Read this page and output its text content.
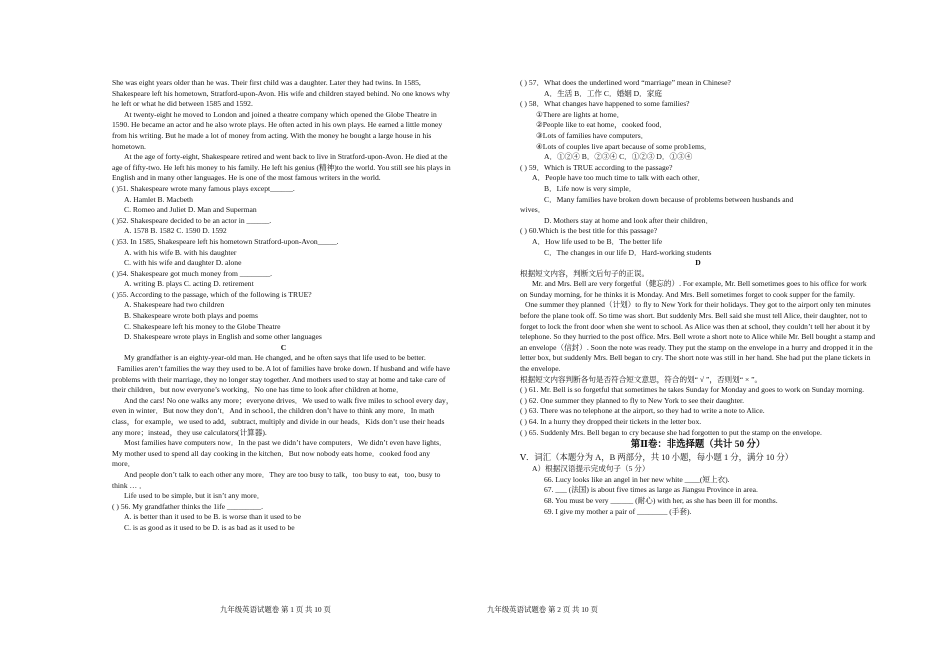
She was eight years older than he was. Their first child was a daughter. Later they had twins. In 1585, Shakespeare left his hometown, Stratford-upon-Avon. His wife and children stayed behind. No one knows why he left or what he did between 1585 and 1592.

At twenty-eight he moved to London and joined a theatre company which opened the Globe Theatre in 1590. He became an actor and he also wrote plays. He often acted in his own plays. He earned a little money from his writing. But he made a lot of money from acting. With the money he bought a large house in his hometown.

At the age of forty-eight, Shakespeare retired and went back to live in Stratford-upon-Avon. He died at the age of fifty-two. He left his money to his family. He left his genius (精神)to the world. You still see his plays in English and in many other languages. He is one of the most famous writers in the world.

( )51. Shakespeare wrote many famous plays except______.

A. Hamlet B. Macbeth

C. Romeo and Juliet D. Man and Superman

( )52. Shakespeare decided to be an actor in ______.

A. 1578 B. 1582 C. 1590 D. 1592

( )53. In 1585, Shakespeare left his hometown Stratford-upon-Avon_____.

A. with his wife B. with his daughter

C. with his wife and daughter D. alone

( )54. Shakespeare got much money from ________.

A. writing B. plays C. acting D. retirement

( )55. According to the passage, which of the following is TRUE?

A. Shakespeare had two children

B. Shakespeare wrote both plays and poems

C. Shakespeare left his money to the Globe Theatre

D. Shakespeare wrote plays in English and some other languages

C

My grandfather is an eighty-year-old man. He changed, and he often says that life used to be better.

Families aren’t families the way they used to be. A lot of families have broke down. If husband and wife have problems with their marriage, they no longer stay together. And mothers used to stay at home and take care of their children，but now everyone’s working．No one has time to look after children at home．

And the cars! No one walks any more；everyone drives．We used to walk five miles to school every day，even in winter．But now they don’t．And in schoo1, the children don’t have to think any more．In math class，for example，we used to add，subtract, multiply and divide in our heads．Kids don’t use their heads any more；instead，they use calculators(计算器).

Most families have computers now．In the past we didn’t have computers．We didn’t even have lights．My mother used to spend all day cooking in the kitchen．But now nobody eats home．cooked food any more．

And people don’t talk to each other any more．They are too busy to talk，too busy to eat，too, busy to think … ．

Life used to be simple, but it isn’t any more．

( ) 56. My grandfather thinks the 1ife _________.

A. is better than it used to be B. is worse than it used to be

C. is as good as it used to be D. is as bad as it used to be

九年级英语试题卷 第 1 页 共 10 页

( ) 57．What does the underlined word “marriage” mean in Chinese?

A．生活 B．工作 C．婚姻 D．家庭

( ) 58．What changes have happened to some families?

①There are lights at home．

②People like to eat home，cooked food．

③Lots of families have computers．

④Lots of couples live apart because of some prob1ems．

A．①②④ B．②③④ C．①②③ D．①③④

( ) 59．Which is TRUE according to the passage?

A．People have too much time to talk with each other．

B．Life now is very simple．

C．Many families have broken down because of problems between husbands and

wives．

D. Mothers stay at home and look after their children．

( ) 60.Which is the best title for this passage?

A．How life used to be B．The better life

C．The changes in our life D．Hard-working students

D

根据短文内容，判断文后句子的正误。

Mr. and Mrs. Bell are very forgetful（健忘的）. For example, Mr. Bell sometimes goes to his office for work on Sunday morning, for he thinks it is Monday. And Mrs. Bell sometimes forget to cook supper for the family.

One summer they planned（计划）to fly to New York for their holidays. They got to the airport only ten minutes before the plane took off. So time was short. But suddenly Mrs. Bell said she must tell Alice, their daughter, not to forget to lock the front door when she went to school. As Alice was then at school, they couldn’t tell her about it by telephone. So they hurried to the post office. Mrs. Bell wrote a short note to Alice while Mr. Bell bought a stamp and an envelope（信封）. Soon the note was ready. They put the stamp on the envelope in a hurry and dropped it in the letter box, but suddenly Mrs. Bell began to cry. The short note was still in her hand. She had put the plane tickets in the envelope.

根据短文内容判断各句是否符合短文意思，符合的划“ √ ”，否则划“ × ”。

( ) 61. Mr. Bell is so forgetful that sometimes he takes Sunday for Monday and goes to work on Sunday morning.

( ) 62. One summer they planned to fly to New York to see their daughter.

( ) 63. There was no telephone at the airport, so they had to write a note to Alice.

( ) 64. In a hurry they dropped their tickets in the letter box.

( ) 65. Suddenly Mrs. Bell began to cry because she had forgotten to put the stamp on the envelope.

第Ⅱ卷：非选择题（共计 50 分）

Ⅴ．词汇（本题分为 A，B 两部分，共 10 小题，每小题 1 分，满分 10 分）

A）根据汉语提示完成句子（5 分）

66. Lucy looks like an angel in her new white ____(短上衣).

67. ___ (法国) is about five times as large as Jiangsu Province in area.

68. You must be very ______ (耐心) with her, as she has been ill for months.

69. I give my mother a pair of ________ (手套).

九年级英语试题卷 第 2 页 共 10 页
